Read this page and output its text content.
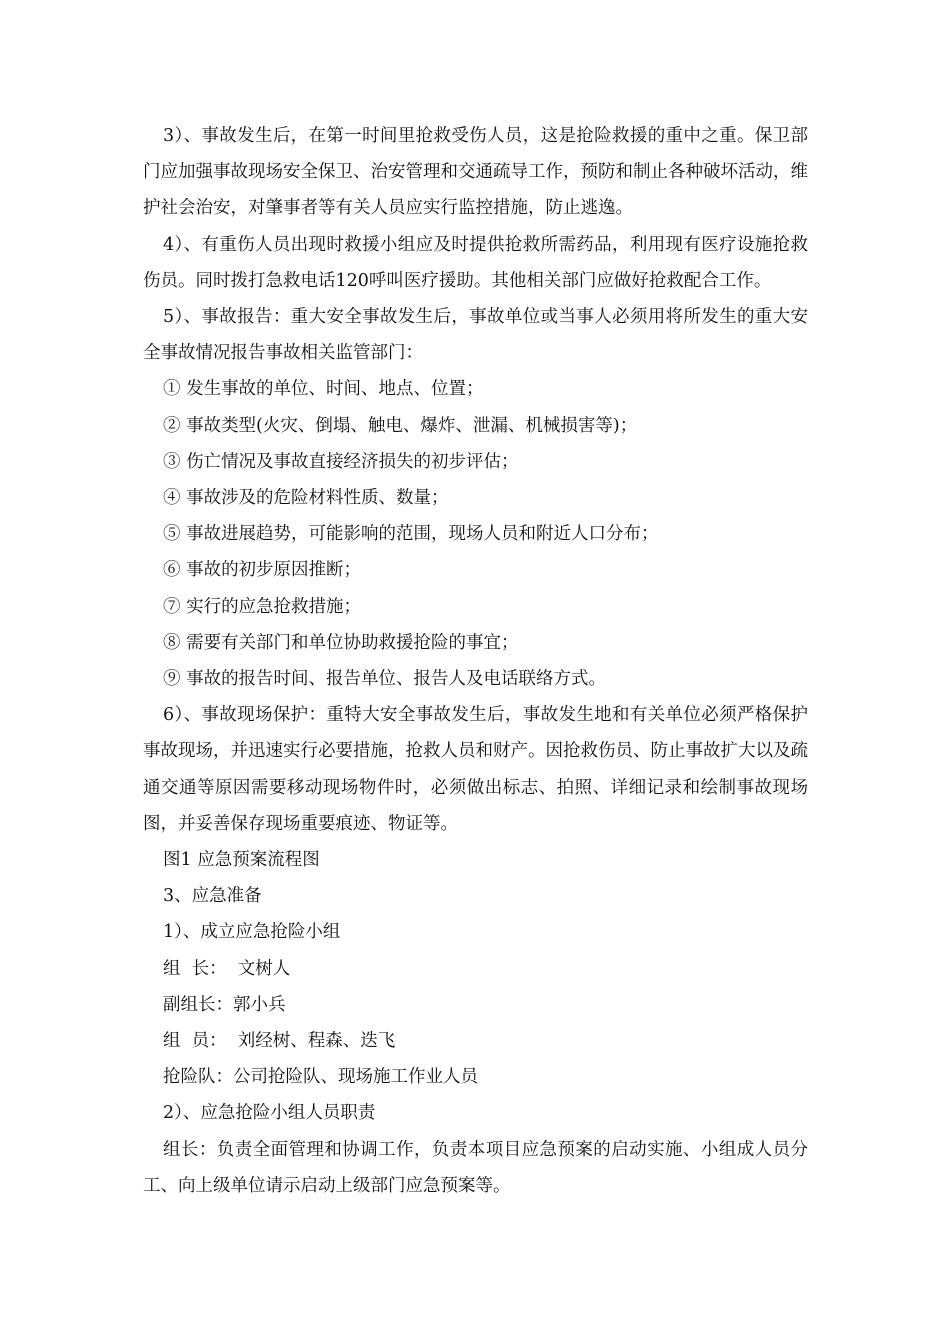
3）、事故发生后，在第一时间里抢救受伤人员，这是抢险救援的重中之重。保卫部门应加强事故现场安全保卫、治安管理和交通疏导工作，预防和制止各种破坏活动，维护社会治安，对肇事者等有关人员应实行监控措施，防止逃逸。

4）、有重伤人员出现时救援小组应及时提供抢救所需药品，利用现有医疗设施抢救伤员。同时拨打急救电话120呼叫医疗援助。其他相关部门应做好抢救配合工作。

5）、事故报告：重大安全事故发生后，事故单位或当事人必须用将所发生的重大安全事故情况报告事故相关监管部门：

① 发生事故的单位、时间、地点、位置；

② 事故类型(火灾、倒塌、触电、爆炸、泄漏、机械损害等)；

③ 伤亡情况及事故直接经济损失的初步评估；

④ 事故涉及的危险材料性质、数量；

⑤ 事故进展趋势，可能影响的范围，现场人员和附近人口分布；

⑥ 事故的初步原因推断；

⑦ 实行的应急抢救措施；

⑧ 需要有关部门和单位协助救援抢险的事宜；

⑨ 事故的报告时间、报告单位、报告人及电话联络方式。

6）、事故现场保护：重特大安全事故发生后，事故发生地和有关单位必须严格保护事故现场，并迅速实行必要措施，抢救人员和财产。因抢救伤员、防止事故扩大以及疏通交通等原因需要移动现场物件时，必须做出标志、拍照、详细记录和绘制事故现场图，并妥善保存现场重要痕迹、物证等。

图1 应急预案流程图

3、应急准备

1）、成立应急抢险小组

组  长：  文树人

副组长：郭小兵

组  员：  刘经树、程森、迭飞

抢险队：公司抢险队、现场施工作业人员

2）、应急抢险小组人员职责

组长：负责全面管理和协调工作，负责本项目应急预案的启动实施、小组成人员分工、向上级单位请示启动上级部门应急预案等。
